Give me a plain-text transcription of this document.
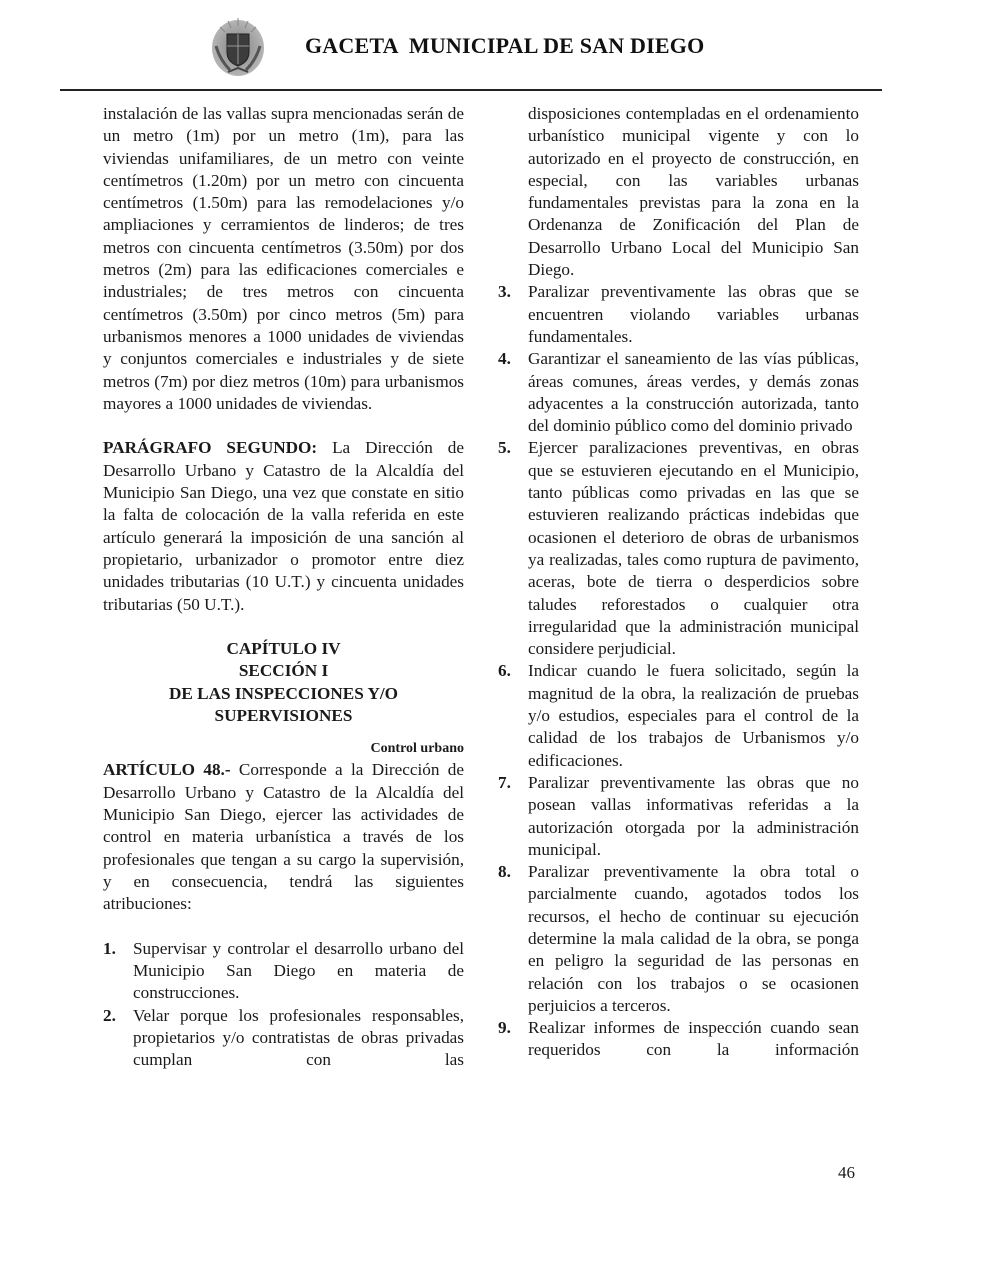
GACETA  MUNICIPAL DE SAN DIEGO

instalación de las vallas supra mencionadas serán de un metro (1m) por un metro (1m), para las viviendas unifamiliares, de un metro con veinte centímetros (1.20m) por un metro con cincuenta centímetros (1.50m) para las remodelaciones y/o ampliaciones y cerramientos de linderos; de tres metros con cincuenta centímetros (3.50m) por dos metros (2m) para las edificaciones comerciales e industriales; de tres metros con cincuenta centímetros (3.50m) por cinco metros (5m) para urbanismos menores a 1000 unidades de viviendas y conjuntos comerciales e industriales y de siete metros (7m) por diez metros (10m) para urbanismos mayores a 1000 unidades de viviendas.

PARÁGRAFO SEGUNDO: La Dirección de Desarrollo Urbano y Catastro de la Alcaldía del Municipio San Diego, una vez que constate en sitio la falta de colocación de la valla referida en este artículo generará la imposición de una sanción al propietario, urbanizador o promotor entre diez unidades tributarias (10 U.T.) y cincuenta unidades tributarias (50 U.T.).

CAPÍTULO IV

SECCIÓN I

DE LAS INSPECCIONES Y/O

SUPERVISIONES

Control urbano

ARTÍCULO 48.- Corresponde a la Dirección de Desarrollo Urbano y Catastro de la Alcaldía del Municipio San Diego, ejercer las actividades de control en materia urbanística a través de los profesionales que tengan a su cargo la supervisión, y en consecuencia, tendrá las siguientes atribuciones:

1. Supervisar y controlar el desarrollo urbano del Municipio San Diego en materia de construcciones.
2. Velar porque los profesionales responsables, propietarios y/o contratistas de obras privadas cumplan con las

disposiciones contempladas en el ordenamiento urbanístico municipal vigente y con lo autorizado en el proyecto de construcción, en especial, con las variables urbanas fundamentales previstas para la zona en la Ordenanza de Zonificación del Plan de Desarrollo Urbano Local del Municipio San Diego.

3. Paralizar preventivamente las obras que se encuentren violando variables urbanas fundamentales.
4. Garantizar el saneamiento de las vías públicas, áreas comunes, áreas verdes, y demás zonas adyacentes a la construcción autorizada, tanto del dominio público como del dominio privado
5. Ejercer paralizaciones preventivas, en obras que se estuvieren ejecutando en el Municipio, tanto públicas como privadas en las que se estuvieren realizando prácticas indebidas que ocasionen el deterioro de obras de urbanismos ya realizadas, tales como ruptura de pavimento, aceras, bote de tierra o desperdicios sobre taludes reforestados o cualquier otra irregularidad que la administración municipal considere perjudicial.
6. Indicar cuando le fuera solicitado, según la magnitud de la obra, la realización de pruebas y/o estudios, especiales para el control de la calidad de los trabajos de Urbanismos y/o edificaciones.
7. Paralizar preventivamente las obras que no posean vallas informativas referidas a la autorización otorgada por la administración municipal.
8. Paralizar preventivamente la obra total o parcialmente cuando, agotados todos los recursos, el hecho de continuar su ejecución determine la mala calidad de la obra, se ponga en peligro la seguridad de las personas en relación con los trabajos o se ocasionen perjuicios a terceros.
9. Realizar informes de inspección cuando sean requeridos con la información
46
